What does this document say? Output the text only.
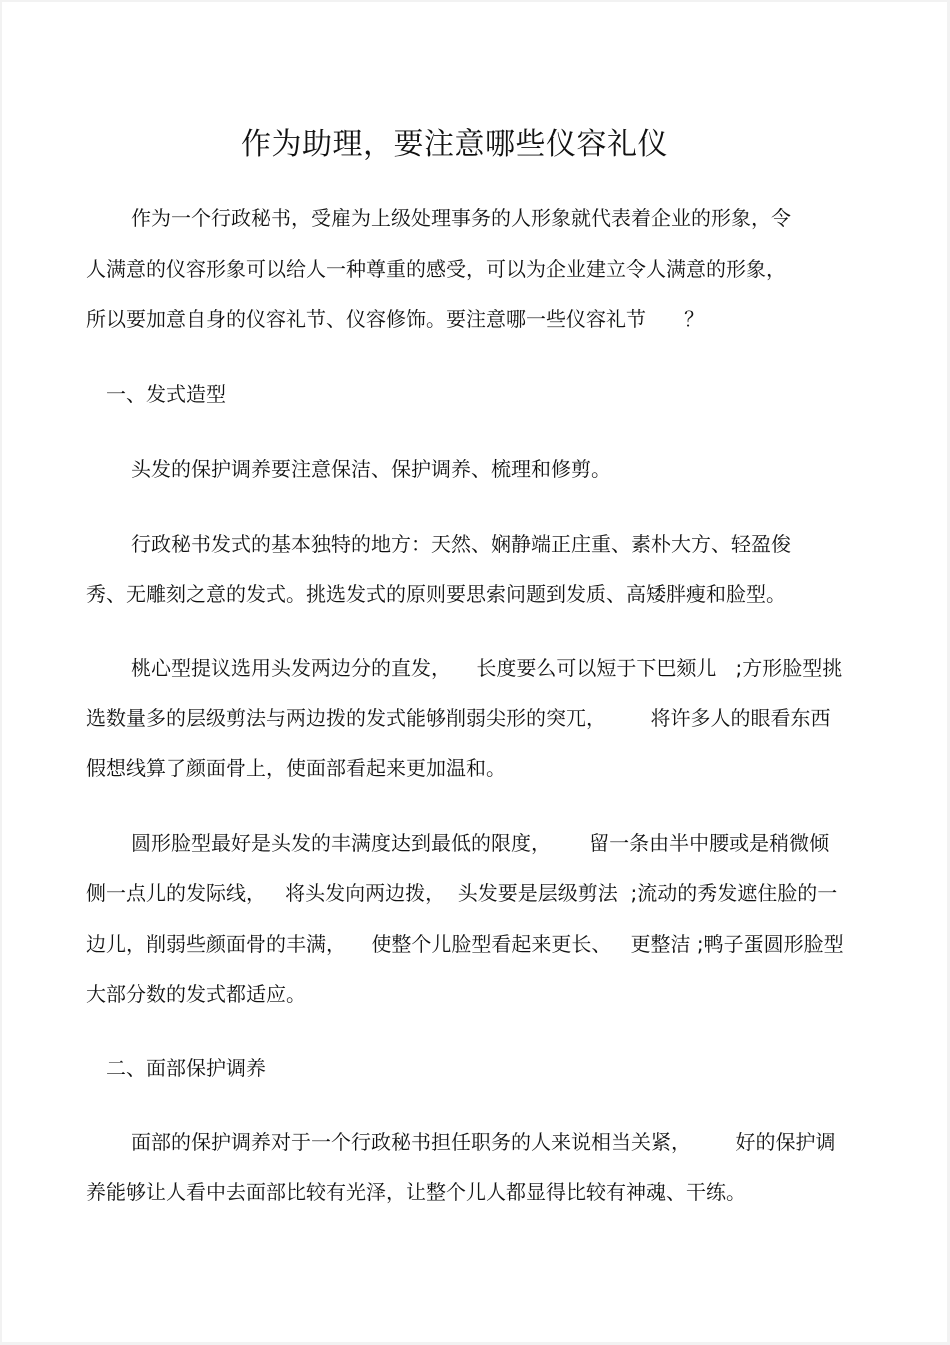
作为助理，要注意哪些仪容礼仪

作为一个行政秘书，受雇为上级处理事务的人形象就代表着企业的形象，令

人满意的仪容形象可以给人一种尊重的感受，可以为企业建立令人满意的形象，

所以要加意自身的仪容礼节、仪容修饰。要注意哪一些仪容礼节      ？

一、发式造型

头发的保护调养要注意保洁、保护调养、梳理和修剪。

行政秘书发式的基本独特的地方：天然、娴静端正庄重、素朴大方、轻盈俊

秀、无雕刻之意的发式。挑选发式的原则要思索问题到发质、高矮胖瘦和脸型。

桃心型提议选用头发两边分的直发，    长度要么可以短于下巴颏儿   ;方形脸型挑

选数量多的层级剪法与两边拨的发式能够削弱尖形的突兀，       将许多人的眼看东西

假想线算了颜面骨上，使面部看起来更加温和。

圆形脸型最好是头发的丰满度达到最低的限度，      留一条由半中腰或是稍微倾

侧一点儿的发际线，   将头发向两边拨，  头发要是层级剪法  ;流动的秀发遮住脸的一

边儿，削弱些颜面骨的丰满，    使整个儿脸型看起来更长、   更整洁 ;鸭子蛋圆形脸型

大部分数的发式都适应。

二、面部保护调养

面部的保护调养对于一个行政秘书担任职务的人来说相当关紧，       好的保护调

养能够让人看中去面部比较有光泽，让整个儿人都显得比较有神魂、干练。
